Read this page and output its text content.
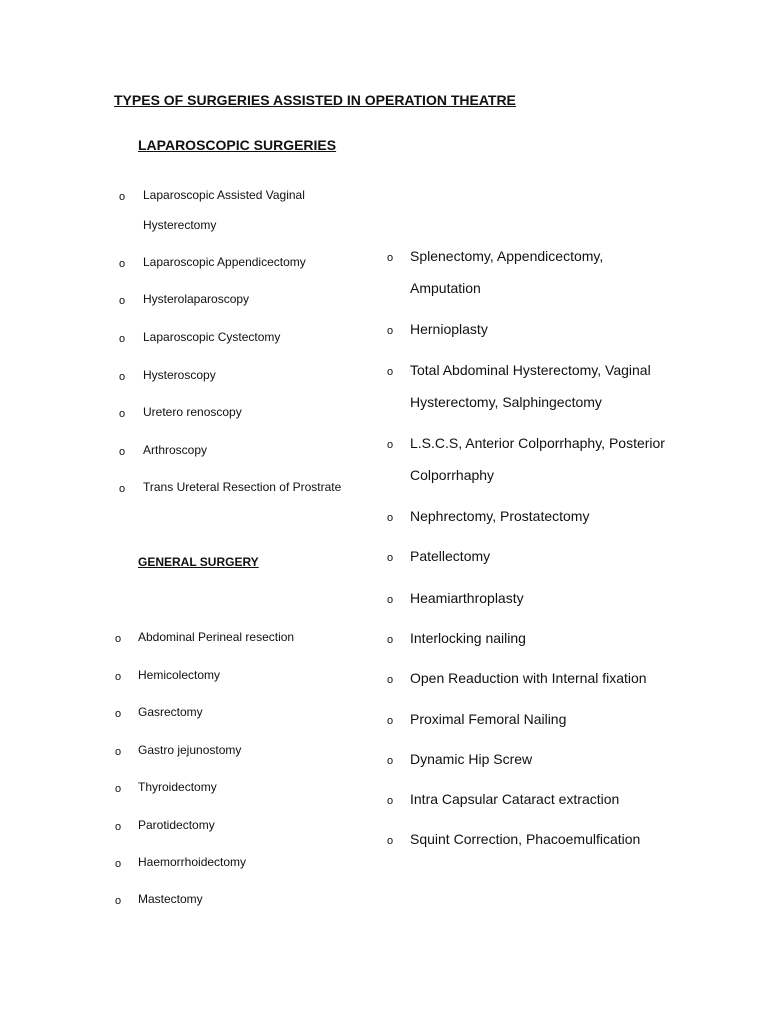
TYPES OF SURGERIES ASSISTED IN OPERATION THEATRE
LAPAROSCOPIC SURGERIES
GENERAL SURGERY
o Laparoscopic Assisted Vaginal
Hysterectomy
o Laparoscopic Appendicectomy
o Hysterolaparoscopy
o Laparoscopic Cystectomy
o Hysteroscopy
o Uretero renoscopy
o Arthroscopy
o Trans Ureteral Resection of Prostrate
o Abdominal Perineal resection
o Hemicolectomy
o Gasrectomy
o Gastro jejunostomy
o Thyroidectomy
o Parotidectomy
o Haemorrhoidectomy
o Mastectomy
o Splenectomy, Appendicectomy,
Amputation
o Hernioplasty
o Total Abdominal Hysterectomy, Vaginal
Hysterectomy, Salphingectomy
o L.S.C.S, Anterior Colporrhaphy, Posterior
Colporrhaphy
o Nephrectomy, Prostatectomy
o Patellectomy
o Heamiarthroplasty
o Interlocking nailing
o Open Readuction with Internal fixation
o Proximal Femoral Nailing
o Dynamic Hip Screw
o Intra Capsular Cataract extraction
o Squint Correction, Phacoemulfication
